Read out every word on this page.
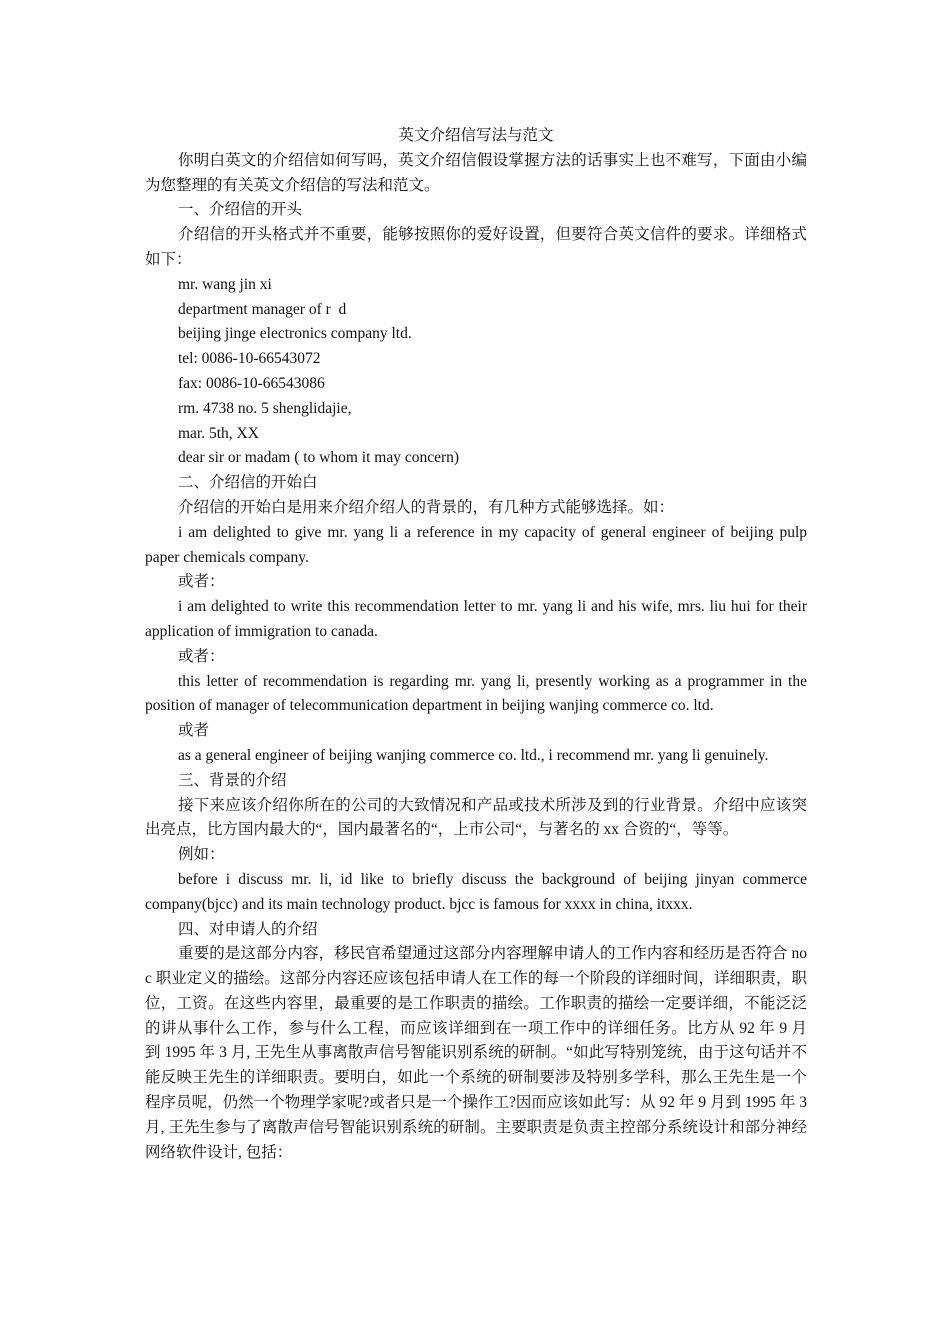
英文介绍信写法与范文

你明白英文的介绍信如何写吗，英文介绍信假设掌握方法的话事实上也不难写，下面由小编为您整理的有关英文介绍信的写法和范文。

一、介绍信的开头

介绍信的开头格式并不重要，能够按照你的爱好设置，但要符合英文信件的要求。详细格式如下：

mr. wang jin xi

department manager of r  d

beijing jinge electronics company ltd.

tel: 0086-10-66543072

fax: 0086-10-66543086

rm. 4738 no. 5 shenglidajie,

mar. 5th, XX

dear sir or madam ( to whom it may concern)

二、介绍信的开始白

介绍信的开始白是用来介绍介绍人的背景的，有几种方式能够选择。如：

i am delighted to give mr. yang li a reference in my capacity of general engineer of beijing pulp paper chemicals company.

或者：

i am delighted to write this recommendation letter to mr. yang li and his wife, mrs. liu hui for their application of immigration to canada.

或者：

this letter of recommendation is regarding mr. yang li, presently working as a programmer in the position of manager of telecommunication department in beijing wanjing commerce co. ltd.

或者

as a general engineer of beijing wanjing commerce co. ltd., i recommend mr. yang li genuinely.

三、背景的介绍

接下来应该介绍你所在的公司的大致情况和产品或技术所涉及到的行业背景。介绍中应该突出亮点，比方国内最大的“，国内最著名的“，上市公司“，与著名的 xx 合资的“，等等。

例如：

before i discuss mr. li, id like to briefly discuss the background of beijing jinyan commerce company(bjcc) and its main technology product. bjcc is famous for xxxx in china, itxxx.

四、对申请人的介绍

重要的是这部分内容，移民官希望通过这部分内容理解申请人的工作内容和经历是否符合 noc 职业定义的描绘。这部分内容还应该包括申请人在工作的每一个阶段的详细时间，详细职责，职位，工资。在这些内容里，最重要的是工作职责的描绘。工作职责的描绘一定要详细，不能泛泛的讲从事什么工作，参与什么工程，而应该详细到在一项工作中的详细任务。比方从 92 年 9 月 到 1995 年 3 月, 王先生从事离散声信号智能识别系统的研制。“如此写特别笼统，由于这句话并不能反映王先生的详细职责。要明白，如此一个系统的研制要涉及特别多学科，那么王先生是一个程序员呢，仍然一个物理学家呢?或者只是一个操作工?因而应该如此写：从 92 年 9 月到 1995 年 3 月, 王先生参与了离散声信号智能识别系统的研制。主要职责是负责主控部分系统设计和部分神经网络软件设计, 包括：
